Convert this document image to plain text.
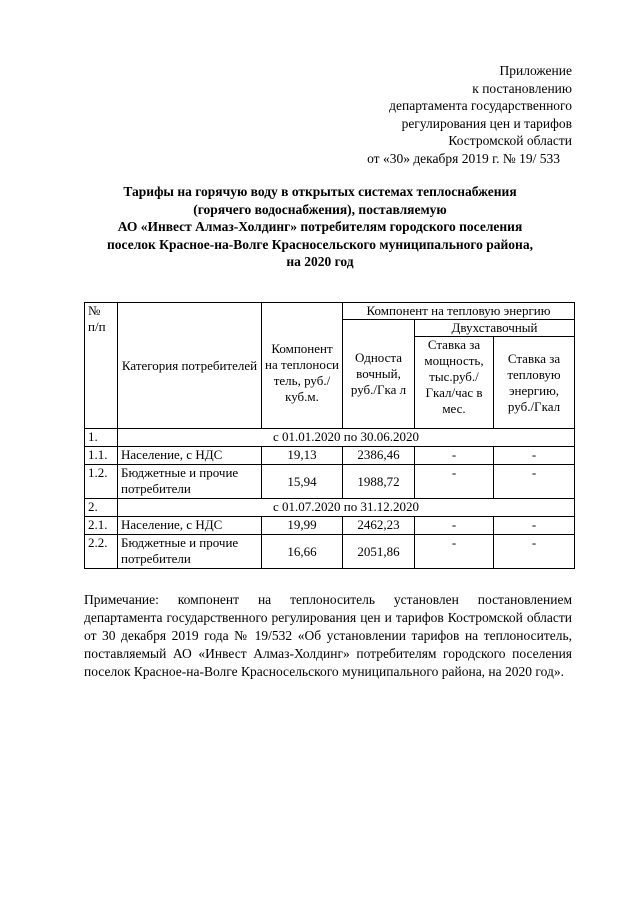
Приложение
к постановлению
департамента государственного
регулирования цен и тарифов
Костромской области
от «30» декабря 2019 г. № 19/ 533
Тарифы на горячую воду в открытых системах теплоснабжения
(горячего водоснабжения), поставляемую
АО «Инвест Алмаз-Холдинг» потребителям городского поселения
поселок Красное-на-Волге Красносельского муниципального района,
на 2020 год
№ п/п	Категория потребителей	Компонент на теплоноси тель, руб./куб.м.	Компонент на тепловую энергию		
			Односта вочный, руб./Гка л	Двухставочный	
				Ставка за мощность, тыс.руб./ Гкал/час в мес.	Ставка за тепловую энергию, руб./Гкал
1.	с 01.01.2020 по 30.06.2020				
1.1.	Население, с НДС	19,13	2386,46	-	-
1.2.	Бюджетные и прочие потребители	15,94	1988,72	-	-
2.	с 01.07.2020 по 31.12.2020				
2.1.	Население, с НДС	19,99	2462,23	-	-
2.2.	Бюджетные и прочие потребители	16,66	2051,86	-	-
Примечание: компонент на теплоноситель установлен постановлением департамента государственного регулирования цен и тарифов Костромской области от 30 декабря 2019 года № 19/532 «Об установлении тарифов на теплоноситель, поставляемый АО «Инвест Алмаз-Холдинг» потребителям городского поселения поселок Красное-на-Волге Красносельского муниципального района, на 2020 год».
